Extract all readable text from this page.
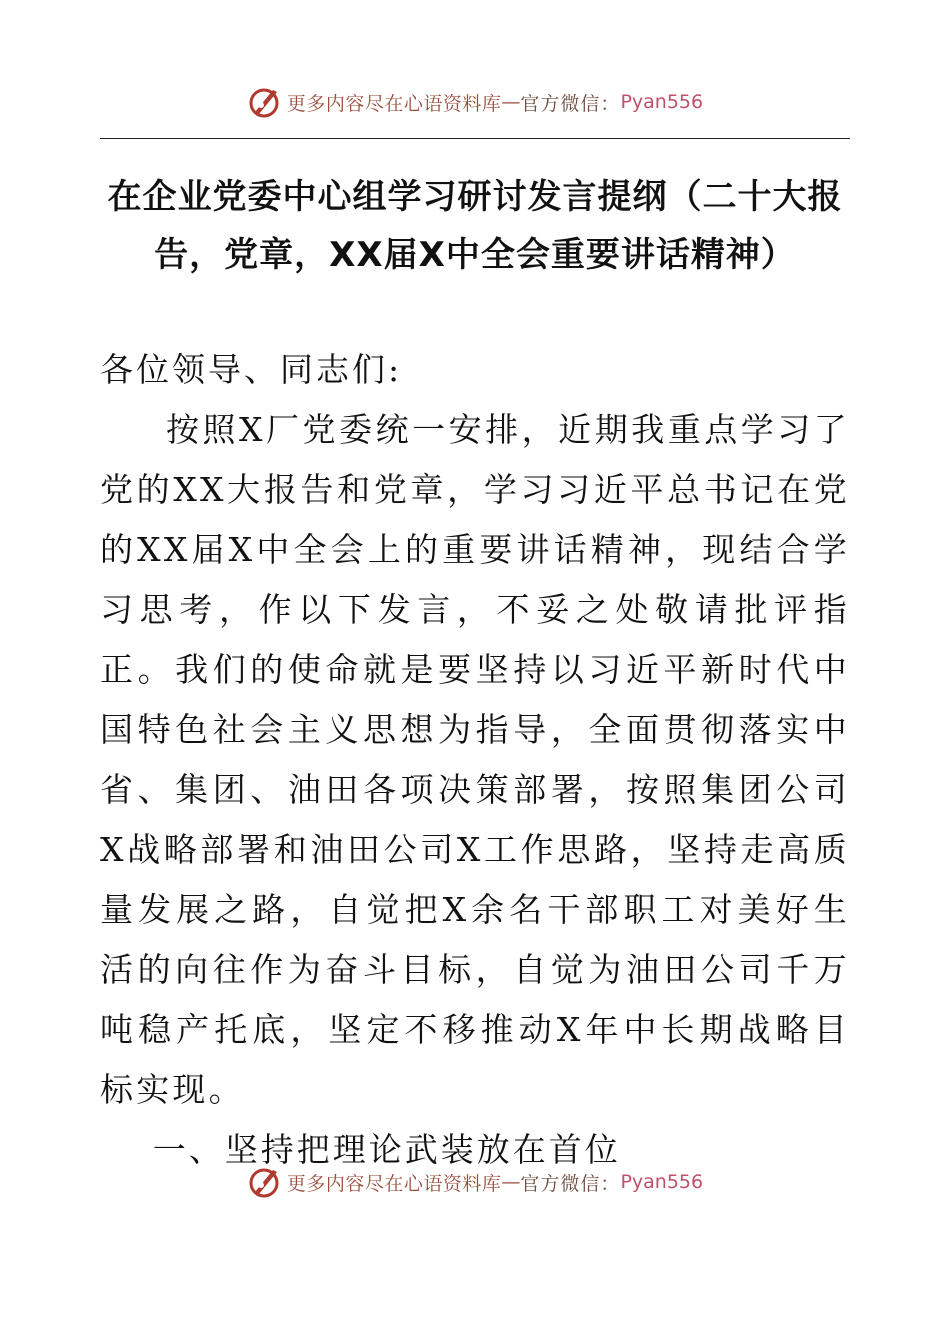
更多内容尽在心语资料库 — 官方微信： Pyan556
在企业党委中心组学习研讨发言提纲（二十大报告，党章，XX届X中全会重要讲话精神）

各位领导、同志们:

按照X厂党委统一安排，近期我重点学习了党的XX大报告和党章，学习习近平总书记在党的XX届X中全会上的重要讲话精神，现结合学习思考，作以下发言，不妥之处敬请批评指正。我们的使命就是要坚持以习近平新时代中国特色社会主义思想为指导，全面贯彻落实中省、集团、油田各项决策部署，按照集团公司X战略部署和油田公司X工作思路，坚持走高质量发展之路，自觉把X余名干部职工对美好生活的向往作为奋斗目标，自觉为油田公司千万吨稳产托底，坚定不移推动X年中长期战略目标实现。

一、坚持把理论武装放在首位

更多内容尽在心语资料库 — 官方微信： Pyan556
